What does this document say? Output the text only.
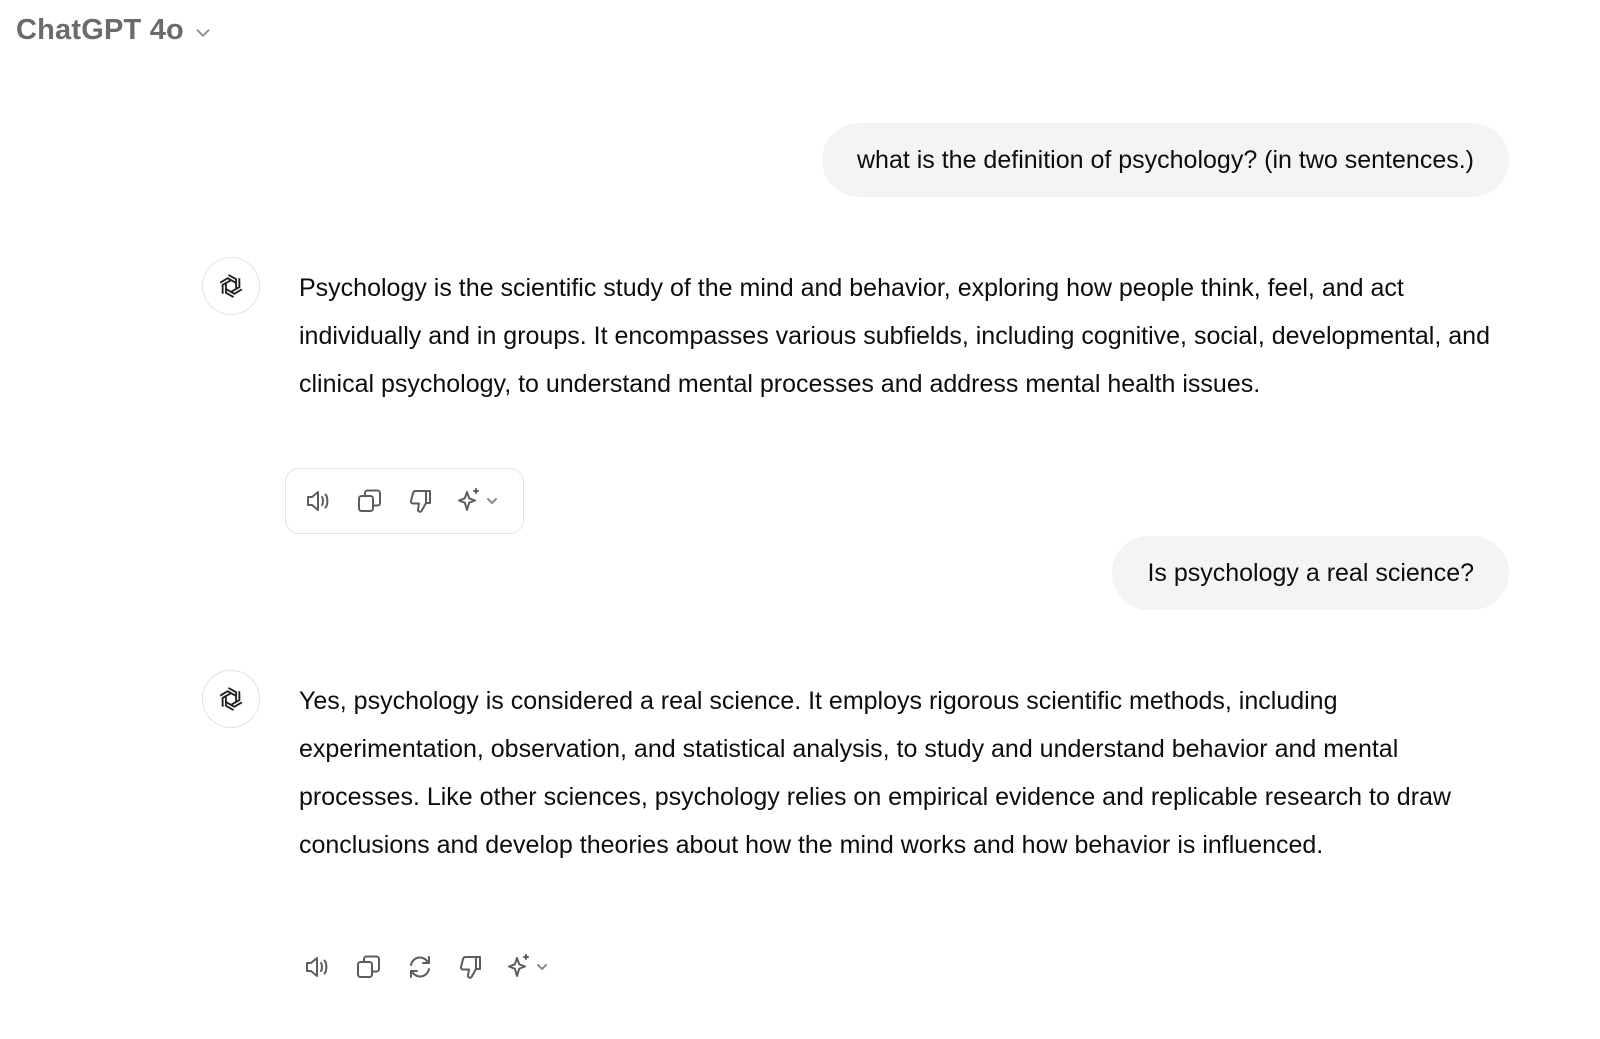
ChatGPT 4o
what is the definition of psychology? (in two sentences.)
Psychology is the scientific study of the mind and behavior, exploring how people think, feel, and act individually and in groups. It encompasses various subfields, including cognitive, social, developmental, and clinical psychology, to understand mental processes and address mental health issues.
Is psychology a real science?
Yes, psychology is considered a real science. It employs rigorous scientific methods, including experimentation, observation, and statistical analysis, to study and understand behavior and mental processes. Like other sciences, psychology relies on empirical evidence and replicable research to draw conclusions and develop theories about how the mind works and how behavior is influenced.
